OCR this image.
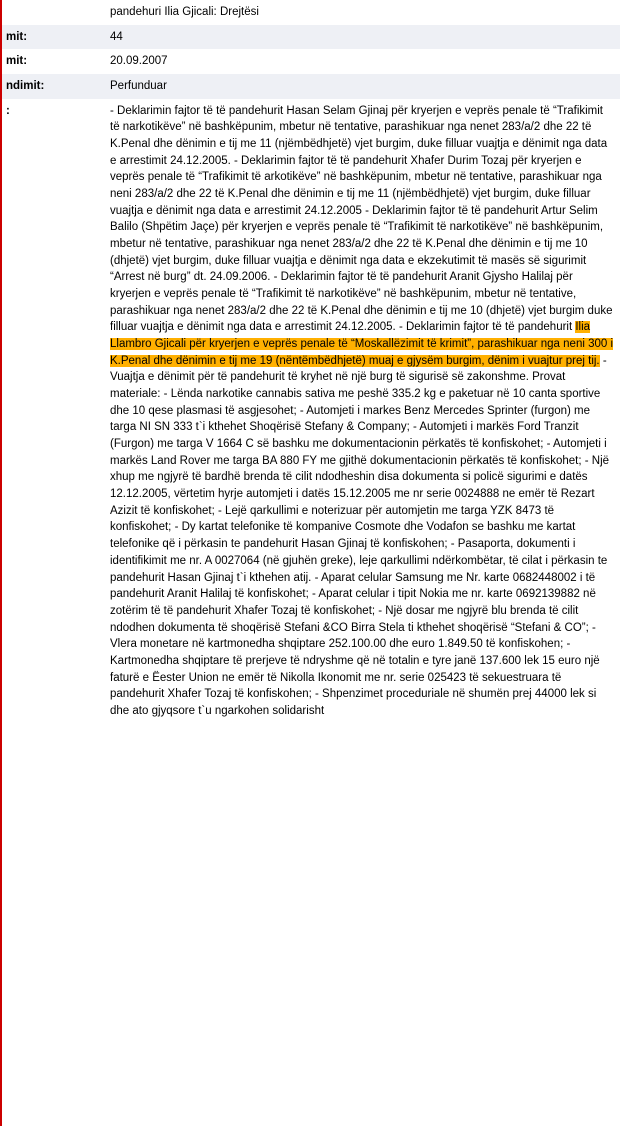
	pandehuri Ilia Gjicali: Drejtësi
mit:	44
mit:	20.09.2007
ndimit:	Perfunduar
:	- Deklarimin fajtor të të pandehurit Hasan Selam Gjinaj për kryerjen e veprës penale të “Trafikimit të narkotikëve” në bashkëpunim, mbetur në tentative, parashikuar nga nenet 283/a/2 dhe 22 të K.Penal dhe dënimin e tij me 11 (njëmbëdhjetë) vjet burgim, duke filluar vuajtja e dënimit nga data e arrestimit 24.12.2005. - Deklarimin fajtor të të pandehurit Xhafer Durim Tozaj për kryerjen e veprës penale të “Trafikimit të arkotikëve” në bashkëpunim, mbetur në tentative, parashikuar nga neni 283/a/2 dhe 22 të K.Penal dhe dënimin e tij me 11 (njëmbëdhjetë) vjet burgim, duke filluar vuajtja e dënimit nga data e arrestimit 24.12.2005 - Deklarimin fajtor të të pandehurit Artur Selim Balilo (Shpëtim Jaçe) për kryerjen e veprës penale të “Trafikimit të narkotikëve” në bashkëpunim, mbetur në tentative, parashikuar nga nenet 283/a/2 dhe 22 të K.Penal dhe dënimin e tij me 10 (dhjetë) vjet burgim, duke filluar vuajtja e dënimit nga data e ekzekutimit të masës së sigurimit “Arrest në burg” dt. 24.09.2006. - Deklarimin fajtor të të pandehurit Aranit Gjysho Halilaj për kryerjen e veprës penale të “Trafikimit të narkotikëve” në bashkëpunim, mbetur në tentative, parashikuar nga nenet 283/a/2 dhe 22 të K.Penal dhe dënimin e tij me 10 (dhjetë) vjet burgim duke filluar vuajtja e dënimit nga data e arrestimit 24.12.2005. - Deklarimin fajtor të të pandehurit Ilia Llambro Gjicali për kryerjen e veprës penale të “Moskallëzimit të krimit”, parashikuar nga neni 300 i K.Penal dhe dënimin e tij me 19 (nëntëmbëdhjetë) muaj e gjysëm burgim, dënim i vuajtur prej tij. - Vuajtja e dënimit për të pandehurit të kryhet në një burg të sigurisë së zakonshme. Provat materiale: - Lënda narkotike cannabis sativa me peshë 335.2 kg e paketuar në 10 canta sportive dhe 10 qese plasmasi të asgjesohet; - Automjeti i markes Benz Mercedes Sprinter (furgon) me targa NI SN 333 t`i kthehet Shoqërisë Stefany & Company; - Automjeti i markës Ford Tranzit (Furgon) me targa V 1664 C së bashku me dokumentacionin përkatës të konfiskohet; - Automjeti i markës Land Rover me targa BA 880 FY me gjithë dokumentacionin përkatës të konfiskohet; - Një xhup me ngjyrë të bardhë brenda të cilit ndodheshin disa dokumenta si policë sigurimi e datës 12.12.2005, vërtetim hyrje automjeti i datës 15.12.2005 me nr serie 0024888 ne emër të Rezart Azizit të konfiskohet; - Lejë qarkullimi e noterizuar për automjetin me targa YZK 8473 të konfiskohet; - Dy kartat telefonike të kompanive Cosmote dhe Vodafon se bashku me kartat telefonike që i përkasin te pandehurit Hasan Gjinaj të konfiskohen; - Pasaporta, dokumenti i identifikimit me nr. A 0027064 (në gjuhën greke), leje qarkullimi ndërkombëtar, të cilat i përkasin te pandehurit Hasan Gjinaj t`i kthehen atij. - Aparat celular Samsung me Nr. karte 0682448002 i të pandehurit Aranit Halilaj të konfiskohet; - Aparat celular i tipit Nokia me nr. karte 0692139882 në zotërim të të pandehurit Xhafer Tozaj të konfiskohet; - Një dosar me ngjyrë blu brenda të cilit ndodhen dokumenta të shoqërisë Stefani &CO Birra Stela ti kthehet shoqërisë “Stefani & CO”; - Vlera monetare në kartmonedha shqiptare 252.100.00 dhe euro 1.849.50 të konfiskohen; - Kartmonedha shqiptare të prerjeve të ndryshme që në totalin e tyre janë 137.600 lek 15 euro një faturë e Ëester Union ne emër të Nikolla Ikonomit me nr. serie 025423 të sekuestruara të pandehurit Xhafer Tozaj të konfiskohen; - Shpenzimet proceduriale në shumën prej 44000 lek si dhe ato gjyqsore t`u ngarkohen solidarisht
